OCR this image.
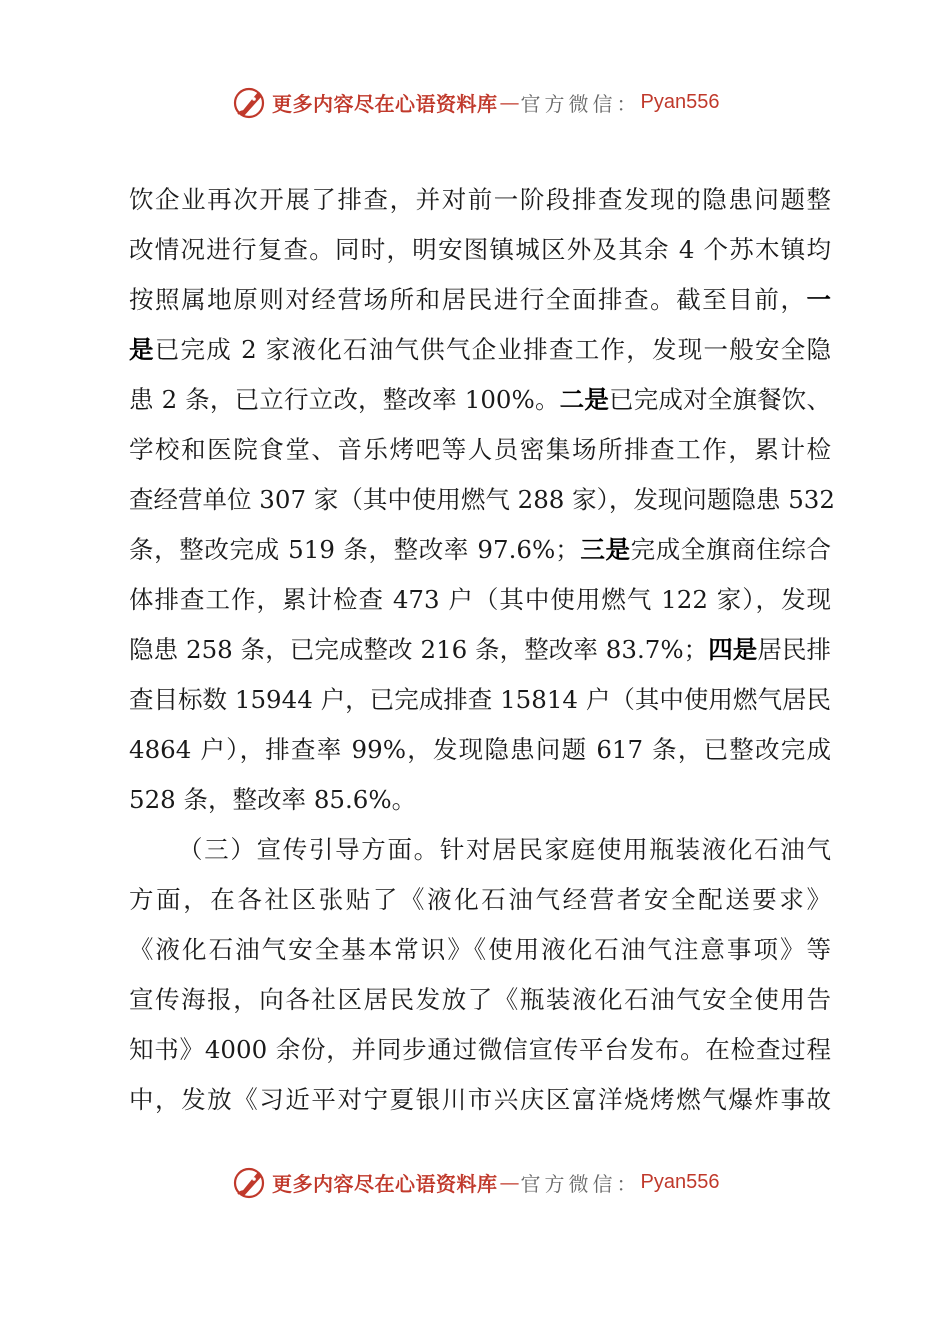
更多内容尽在心语资料库 — 官方微信： Pyan556
饮企业再次开展了排查，并对前一阶段排查发现的隐患问题整
改情况进行复查。同时，明安图镇城区外及其余 4 个苏木镇均
按照属地原则对经营场所和居民进行全面排查。截至目前，一
是已完成 2 家液化石油气供气企业排查工作，发现一般安全隐
患 2 条，已立行立改，整改率 100%。二是已完成对全旗餐饮、
学校和医院食堂、音乐烤吧等人员密集场所排查工作，累计检
查经营单位 307 家（其中使用燃气 288 家），发现问题隐患 532
条，整改完成 519 条，整改率 97.6%；三是完成全旗商住综合
体排查工作，累计检查 473 户（其中使用燃气 122 家），发现
隐患 258 条，已完成整改 216 条，整改率 83.7%；四是居民排
查目标数 15944 户，已完成排查 15814 户（其中使用燃气居民
4864 户），排查率 99%，发现隐患问题 617 条，已整改完成
528 条，整改率 85.6%。
（三）宣传引导方面。针对居民家庭使用瓶装液化石油气
方面，在各社区张贴了《液化石油气经营者安全配送要求》
《液化石油气安全基本常识》《使用液化石油气注意事项》等
宣传海报，向各社区居民发放了《瓶装液化石油气安全使用告
知书》4000 余份，并同步通过微信宣传平台发布。在检查过程
中，发放《习近平对宁夏银川市兴庆区富洋烧烤燃气爆炸事故
更多内容尽在心语资料库 — 官方微信： Pyan556
